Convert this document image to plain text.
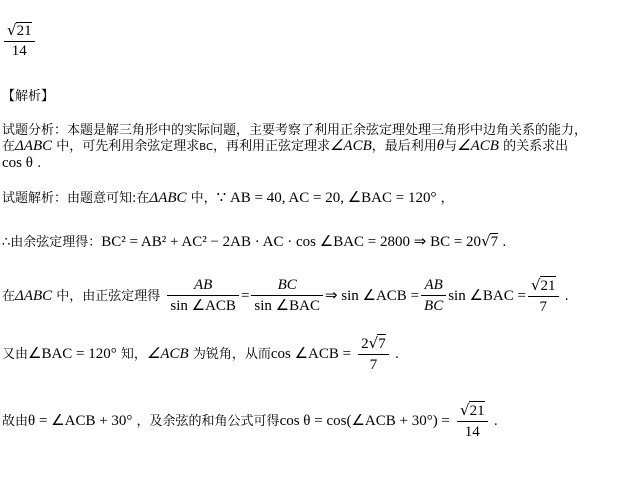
$\frac{√21}{14}$
【解析】
试题分析：本题是解三角形中的实际问题，主要考察了利用正余弦定理处理三角形中边角关系的能力，
在ΔABC 中，可先利用余弦定理求BC，再利用正弦定理求∠ACB，最后利用θ与∠ACB 的关系求出
cos θ .
试题解析：由题意可知:在ΔABC 中，∵ AB = 40, AC = 20, ∠BAC = 120° ，
∴由余弦定理得：BC² = AB² + AC² − 2AB · AC · cos ∠BAC = 2800 ⇒ BC = 20√7 .
在ΔABC 中，由正弦定理得 $\frac{AB}{\text{sin ∠ACB}} = \frac{BC}{\text{sin ∠BAC}}$ ⇒ sin ∠ACB = $\frac{AB}{BC}$ sin ∠BAC = $\frac{√21}{7}$ .
又由∠BAC = 120° 知，∠ACB 为锐角，从而cos ∠ACB = $\frac{2√7}{7}$ .
故由θ = ∠ACB + 30° ，及余弦的和角公式可得cos θ = cos(∠ACB + $30^\circ) = \frac{√21}{14}$ .
